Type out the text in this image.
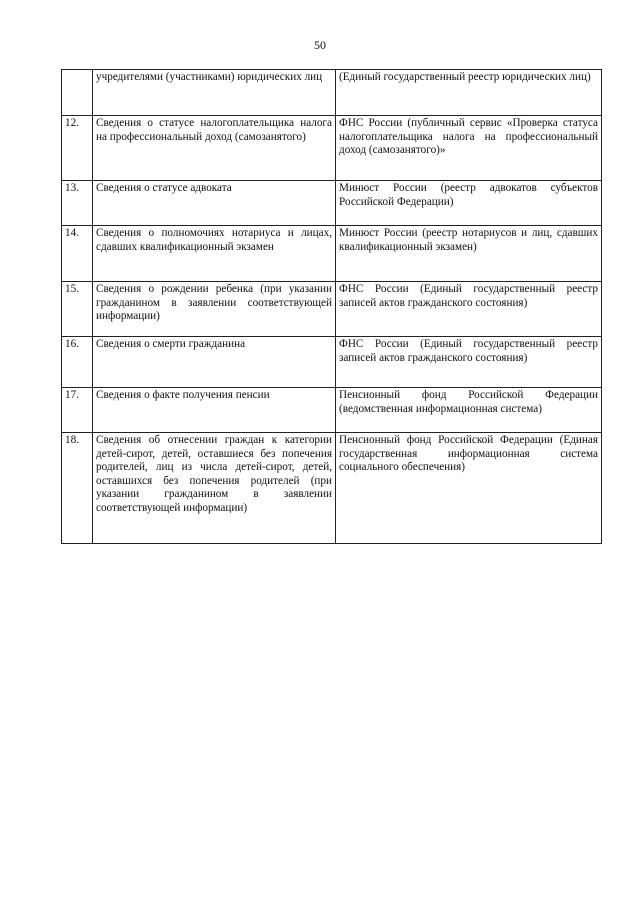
50
	учредителями (участниками) юридических лиц	(Единый государственный реестр юридических лиц)
12.	Сведения о статусе налогоплательщика налога на профессиональный доход (самозанятого)	ФНС России (публичный сервис «Проверка статуса налогоплательщика налога на профессиональный доход (самозанятого)»
13.	Сведения о статусе адвоката	Минюст России (реестр адвокатов субъектов Российской Федерации)
14.	Сведения о полномочиях нотариуса и лицах, сдавших квалификационный экзамен	Минюст России (реестр нотариусов и лиц, сдавших квалификационный экзамен)
15.	Сведения о рождении ребенка (при указании гражданином в заявлении соответствующей информации)	ФНС России (Единый государственный реестр записей актов гражданского состояния)
16.	Сведения о смерти гражданина	ФНС России (Единый государственный реестр записей актов гражданского состояния)
17.	Сведения о факте получения пенсии	Пенсионный фонд Российской Федерации (ведомственная информационная система)
18.	Сведения об отнесении граждан к категории детей-сирот, детей, оставшиеся без попечения родителей, лиц из числа детей-сирот, детей, оставшихся без попечения родителей (при указании гражданином в заявлении соответствующей информации)	Пенсионный фонд Российской Федерации (Единая государственная информационная система социального обеспечения)
